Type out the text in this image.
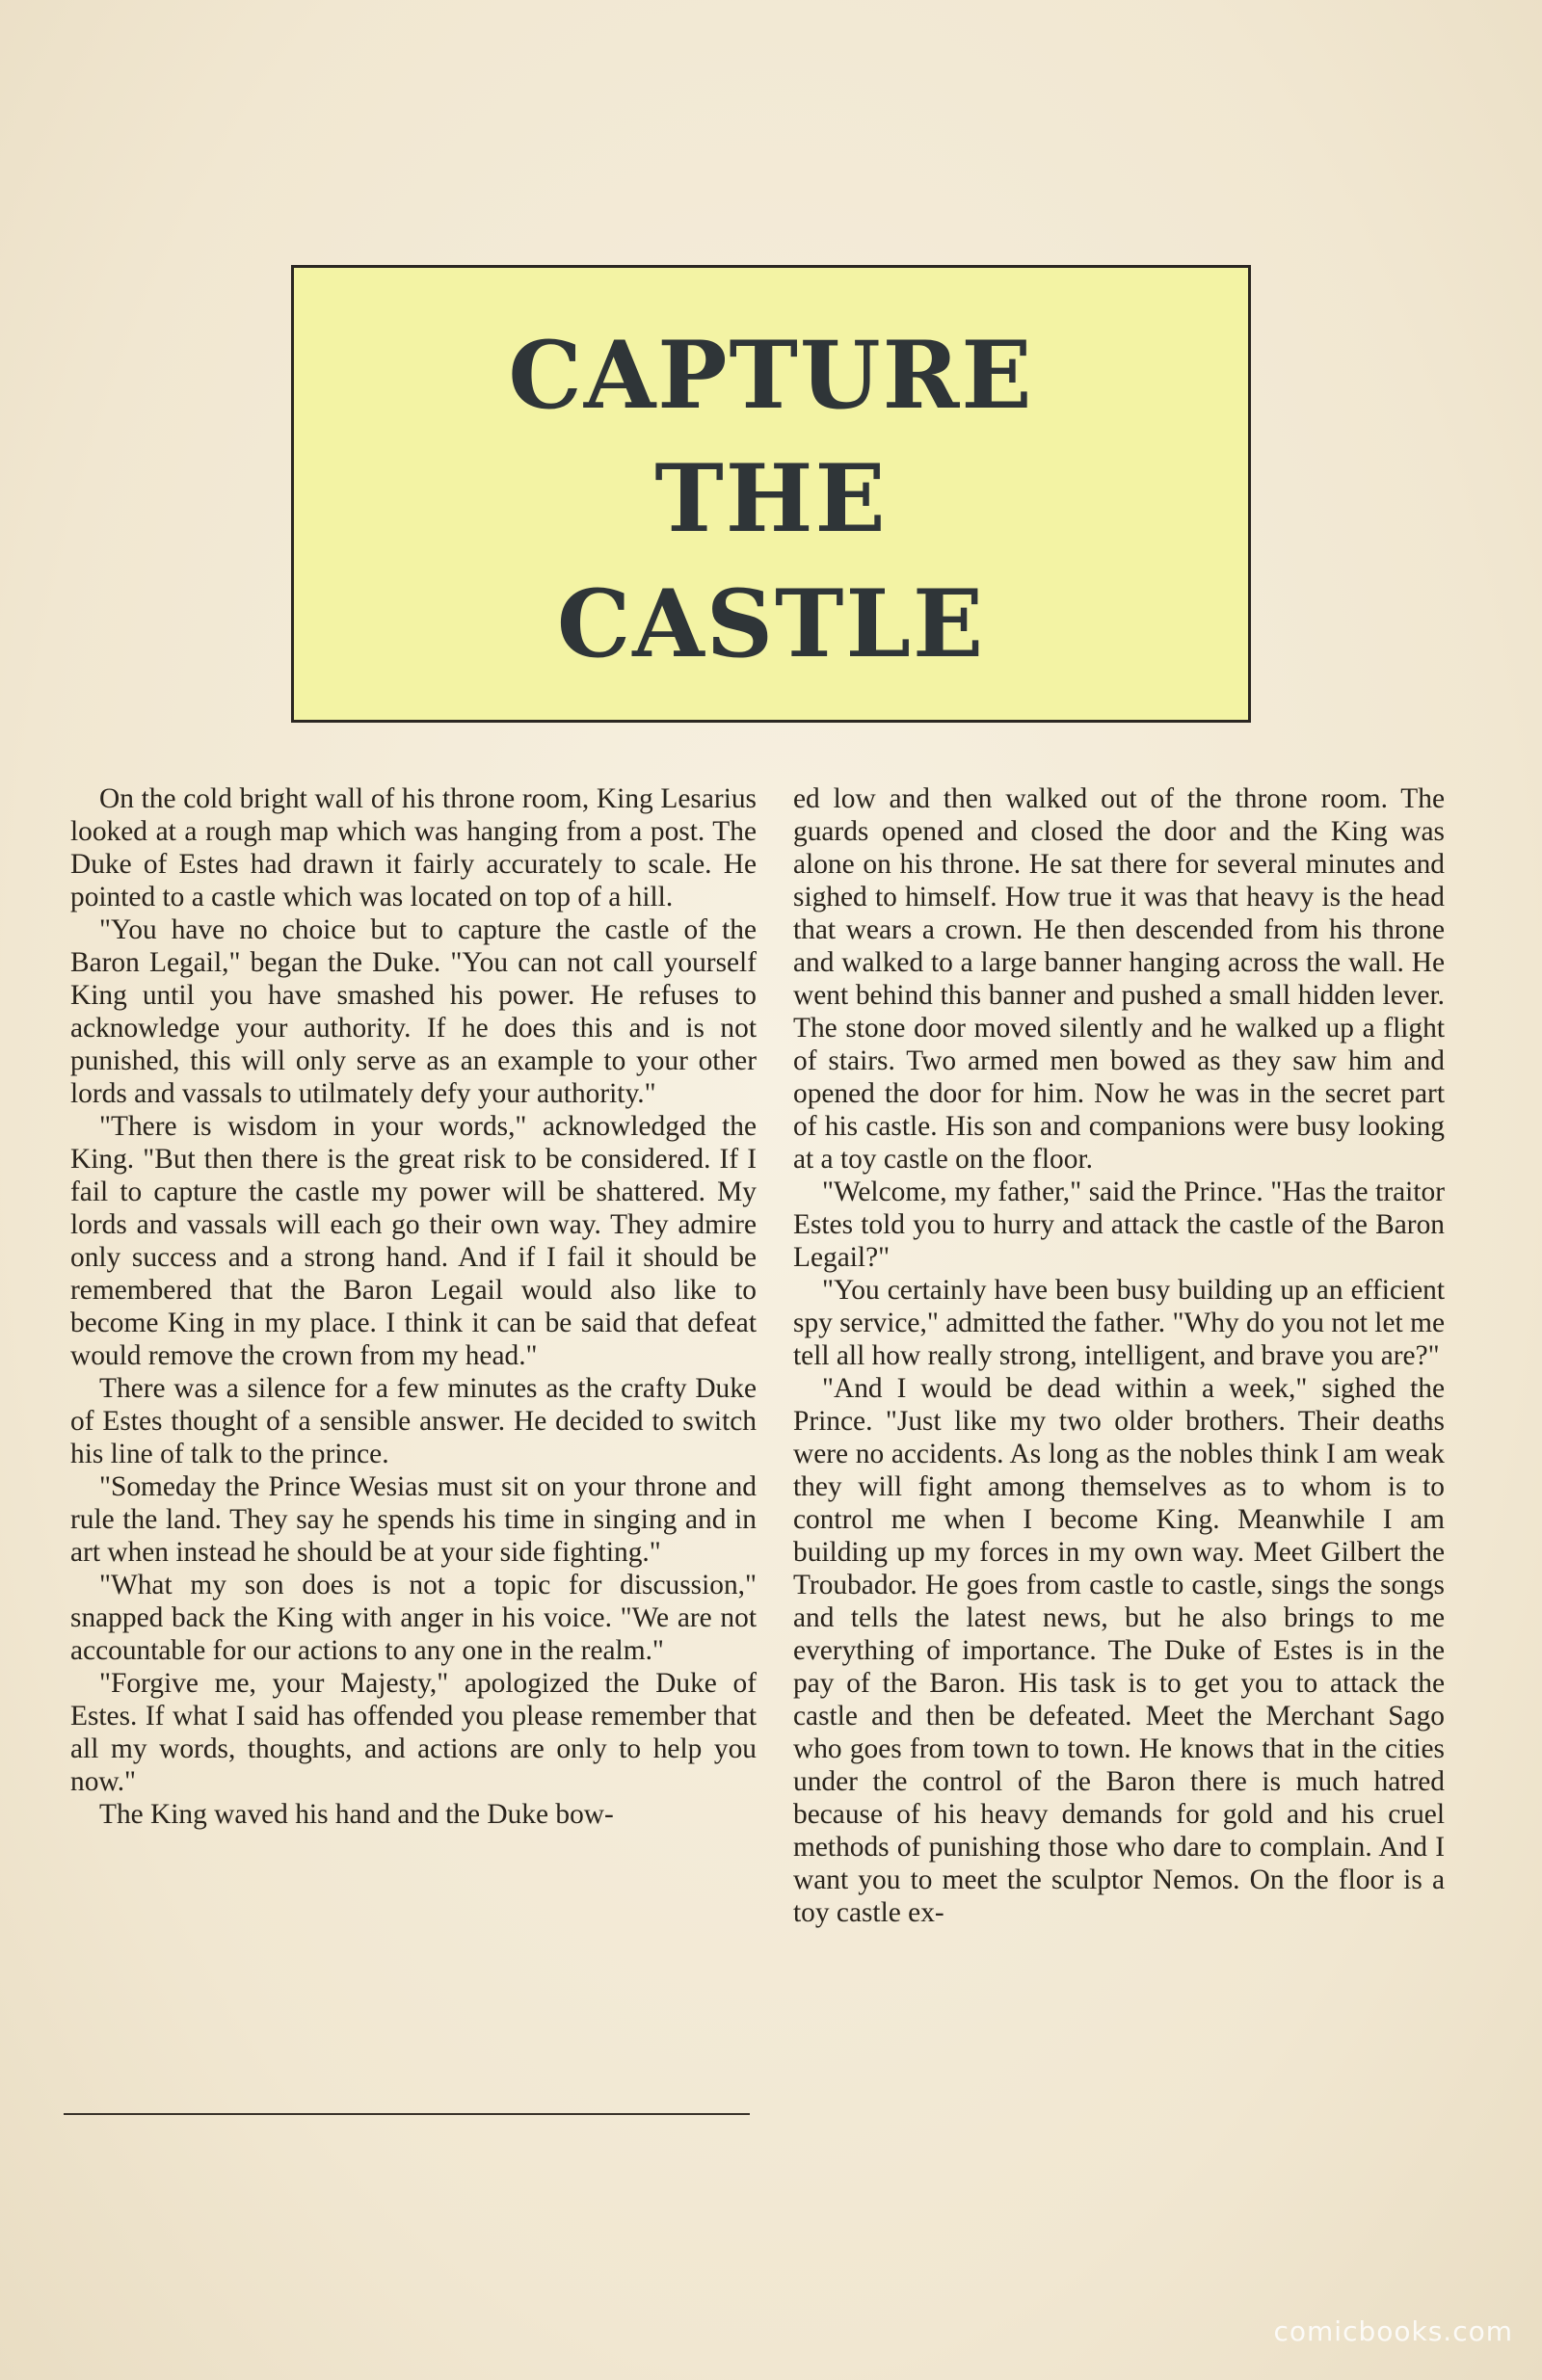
CAPTURE
THE
CASTLE

On the cold bright wall of his throne room, King Lesarius looked at a rough map which was hanging from a post. The Duke of Estes had drawn it fairly accurately to scale. He pointed to a castle which was located on top of a hill.

"You have no choice but to capture the castle of the Baron Legail," began the Duke. "You can not call yourself King until you have smashed his power. He refuses to acknowledge your authority. If he does this and is not punished, this will only serve as an example to your other lords and vassals to utilmately defy your authority."

"There is wisdom in your words," acknowledged the King. "But then there is the great risk to be considered. If I fail to capture the castle my power will be shattered. My lords and vassals will each go their own way. They admire only success and a strong hand. And if I fail it should be remembered that the Baron Legail would also like to become King in my place. I think it can be said that defeat would remove the crown from my head."

There was a silence for a few minutes as the crafty Duke of Estes thought of a sensible answer. He decided to switch his line of talk to the prince.

"Someday the Prince Wesias must sit on your throne and rule the land. They say he spends his time in singing and in art when instead he should be at your side fighting."

"What my son does is not a topic for discussion," snapped back the King with anger in his voice. "We are not accountable for our actions to any one in the realm."

"Forgive me, your Majesty," apologized the Duke of Estes. If what I said has offended you please remember that all my words, thoughts, and actions are only to help you now."

The King waved his hand and the Duke bow-

ed low and then walked out of the throne room. The guards opened and closed the door and the King was alone on his throne. He sat there for several minutes and sighed to himself. How true it was that heavy is the head that wears a crown. He then descended from his throne and walked to a large banner hanging across the wall. He went behind this banner and pushed a small hidden lever. The stone door moved silently and he walked up a flight of stairs. Two armed men bowed as they saw him and opened the door for him. Now he was in the secret part of his castle. His son and companions were busy looking at a toy castle on the floor.

"Welcome, my father," said the Prince. "Has the traitor Estes told you to hurry and attack the castle of the Baron Legail?"

"You certainly have been busy building up an efficient spy service," admitted the father. "Why do you not let me tell all how really strong, intelligent, and brave you are?"

"And I would be dead within a week," sighed the Prince. "Just like my two older brothers. Their deaths were no accidents. As long as the nobles think I am weak they will fight among themselves as to whom is to control me when I become King. Meanwhile I am building up my forces in my own way. Meet Gilbert the Troubador. He goes from castle to castle, sings the songs and tells the latest news, but he also brings to me everything of importance. The Duke of Estes is in the pay of the Baron. His task is to get you to attack the castle and then be defeated. Meet the Merchant Sago who goes from town to town. He knows that in the cities under the control of the Baron there is much hatred because of his heavy demands for gold and his cruel methods of punishing those who dare to complain. And I want you to meet the sculptor Nemos. On the floor is a toy castle ex-

comicbooks.com
